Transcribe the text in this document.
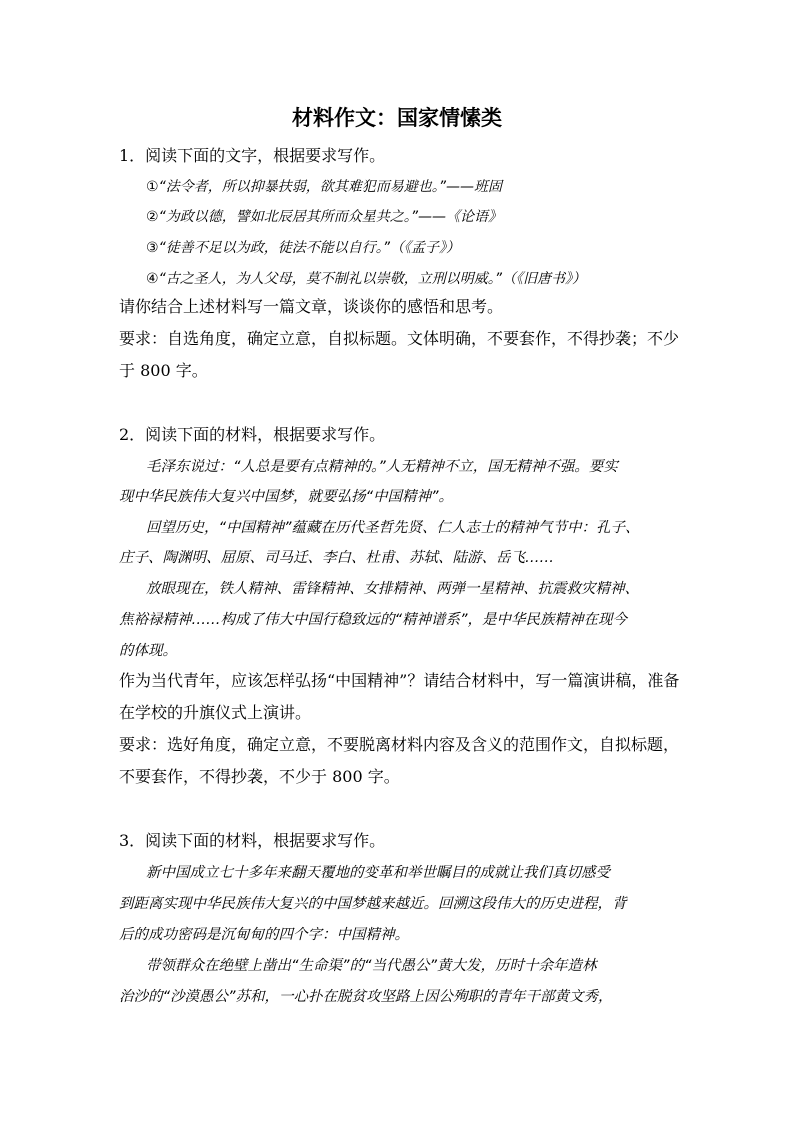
材料作文：国家情愫类
1．阅读下面的文字，根据要求写作。
①“法令者，所以抑暴扶弱，欲其难犯而易避也。”——班固
②“为政以德，譬如北辰居其所而众星共之。”——《论语》
③“徒善不足以为政，徒法不能以自行。”（《孟子》）
④“古之圣人，为人父母，莫不制礼以崇敬，立刑以明威。”（《旧唐书》）
请你结合上述材料写一篇文章，谈谈你的感悟和思考。
要求：自选角度，确定立意，自拟标题。文体明确，不要套作，不得抄袭；不少
于 800 字。
2．阅读下面的材料，根据要求写作。
毛泽东说过：“人总是要有点精神的。”人无精神不立，国无精神不强。要实
现中华民族伟大复兴中国梦，就要弘扬“中国精神”。
回望历史，“中国精神”蕴藏在历代圣哲先贤、仁人志士的精神气节中：孔子、
庄子、陶渊明、屈原、司马迁、李白、杜甫、苏轼、陆游、岳飞……
放眼现在，铁人精神、雷锋精神、女排精神、两弹一星精神、抗震救灾精神、
焦裕禄精神……构成了伟大中国行稳致远的“精神谱系”，是中华民族精神在现今
的体现。
作为当代青年，应该怎样弘扬“中国精神”？请结合材料中，写一篇演讲稿，准备
在学校的升旗仪式上演讲。
要求：选好角度，确定立意，不要脱离材料内容及含义的范围作文，自拟标题，
不要套作，不得抄袭，不少于 800 字。
3．阅读下面的材料，根据要求写作。
新中国成立七十多年来翻天覆地的变革和举世瞩目的成就让我们真切感受
到距离实现中华民族伟大复兴的中国梦越来越近。回溯这段伟大的历史进程，背
后的成功密码是沉甸甸的四个字：中国精神。
带领群众在绝壁上凿出“生命渠”的“当代愚公”黄大发，历时十余年造林
治沙的“沙漠愚公”苏和，一心扑在脱贫攻坚路上因公殉职的青年干部黄文秀，
